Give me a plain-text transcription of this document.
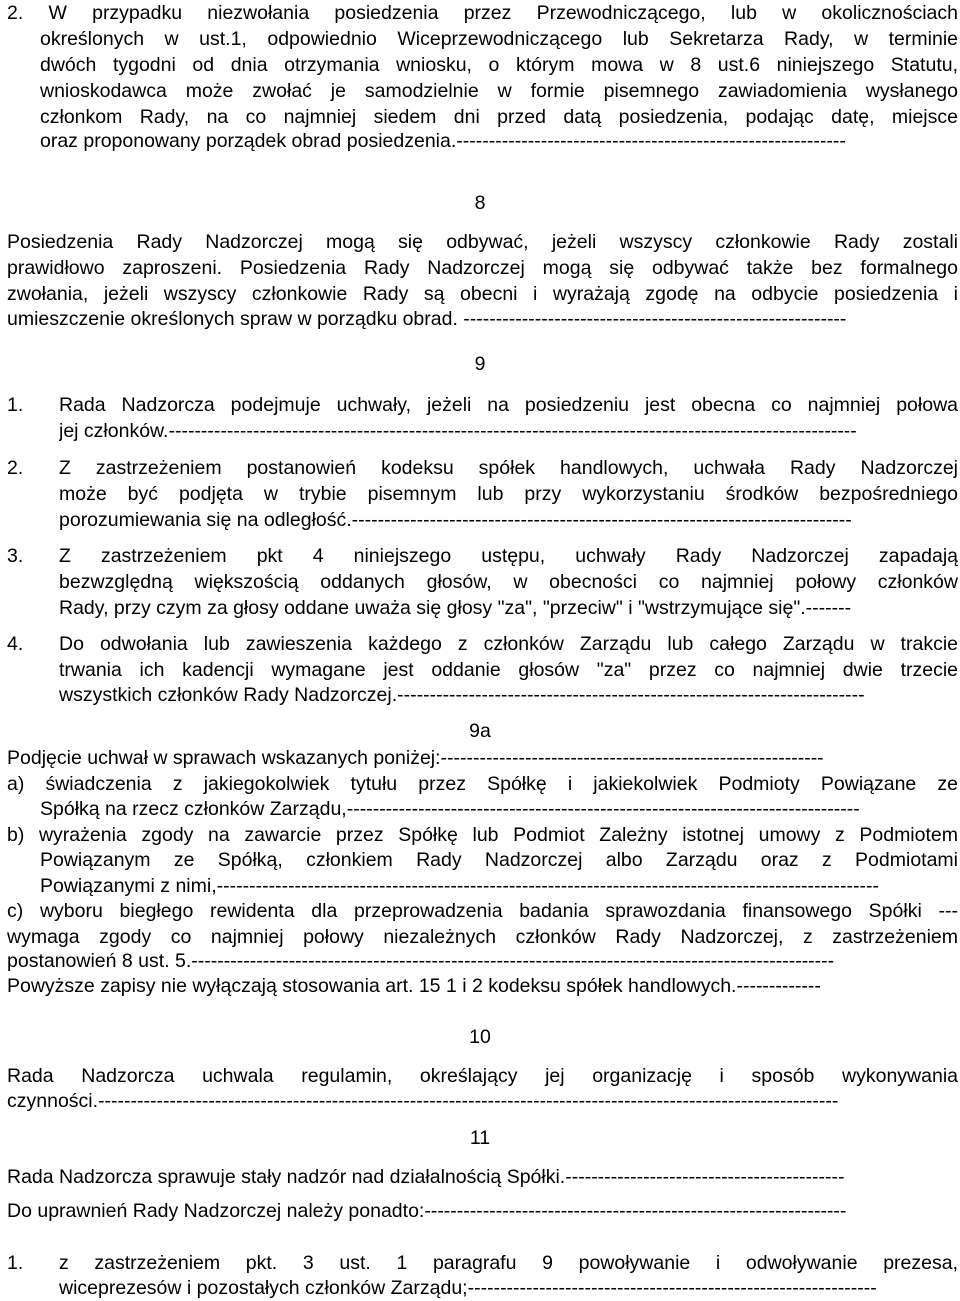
2. W przypadku niezwołania posiedzenia przez Przewodniczącego, lub w okolicznościach
określonych w ust.1, odpowiednio Wiceprzewodniczącego lub Sekretarza Rady, w terminie
dwóch tygodni od dnia otrzymania wniosku, o którym mowa w 8 ust.6 niniejszego Statutu,
wnioskodawca może zwołać je samodzielnie w formie pisemnego zawiadomienia wysłanego
członkom Rady, na co najmniej siedem dni przed datą posiedzenia, podając datę, miejsce
oraz proponowany porządek obrad posiedzenia.------------------------------------------------------------
8
Posiedzenia Rady Nadzorczej mogą się odbywać, jeżeli wszyscy członkowie Rady zostali
prawidłowo zaproszeni. Posiedzenia Rady Nadzorczej mogą się odbywać także bez formalnego
zwołania, jeżeli wszyscy członkowie Rady są obecni i wyrażają zgodę na odbycie posiedzenia i
umieszczenie określonych spraw w porządku obrad. -----------------------------------------------------------
9
1. Rada Nadzorcza podejmuje uchwały, jeżeli na posiedzeniu jest obecna co najmniej połowa
jej członków.----------------------------------------------------------------------------------------------------------
2. Z zastrzeżeniem postanowień kodeksu spółek handlowych, uchwała Rady Nadzorczej
może być podjęta w trybie pisemnym lub przy wykorzystaniu środków bezpośredniego
porozumiewania się na odległość.-----------------------------------------------------------------------------
3. Z zastrzeżeniem pkt 4 niniejszego ustępu, uchwały Rady Nadzorczej zapadają
bezwzględną większością oddanych głosów, w obecności co najmniej połowy członków
Rady, przy czym za głosy oddane uważa się głosy "za", "przeciw" i "wstrzymujące się".-------
4. Do odwołania lub zawieszenia każdego z członków Zarządu lub całego Zarządu w trakcie
trwania ich kadencji wymagane jest oddanie głosów "za" przez co najmniej dwie trzecie
wszystkich członków Rady Nadzorczej.------------------------------------------------------------------------
9a
Podjęcie uchwał w sprawach wskazanych poniżej:-----------------------------------------------------------
a) świadczenia z jakiegokolwiek tytułu przez Spółkę i jakiekolwiek Podmioty Powiązane ze
Spółką na rzecz członków Zarządu,-------------------------------------------------------------------------------
b) wyrażenia zgody na zawarcie przez Spółkę lub Podmiot Zależny istotnej umowy z Podmiotem
Powiązanym ze Spółką, członkiem Rady Nadzorczej albo Zarządu oraz z Podmiotami
Powiązanymi z nimi,------------------------------------------------------------------------------------------------------
c) wyboru biegłego rewidenta dla przeprowadzenia badania sprawozdania finansowego Spółki ---
wymaga zgody co najmniej połowy niezależnych członków Rady Nadzorczej, z zastrzeżeniem
postanowień 8 ust. 5.---------------------------------------------------------------------------------------------------
Powyższe zapisy nie wyłączają stosowania art. 15 1 i 2 kodeksu spółek handlowych.-------------
10
Rada Nadzorcza uchwala regulamin, określający jej organizację i sposób wykonywania
czynności.------------------------------------------------------------------------------------------------------------------
11
Rada Nadzorcza sprawuje stały nadzór nad działalnością Spółki.-------------------------------------------
Do uprawnień Rady Nadzorczej należy ponadto:-----------------------------------------------------------------
1. z zastrzeżeniem pkt. 3 ust. 1 paragrafu 9 powoływanie i odwoływanie prezesa,
wiceprezesów i pozostałych członków Zarządu;---------------------------------------------------------------
